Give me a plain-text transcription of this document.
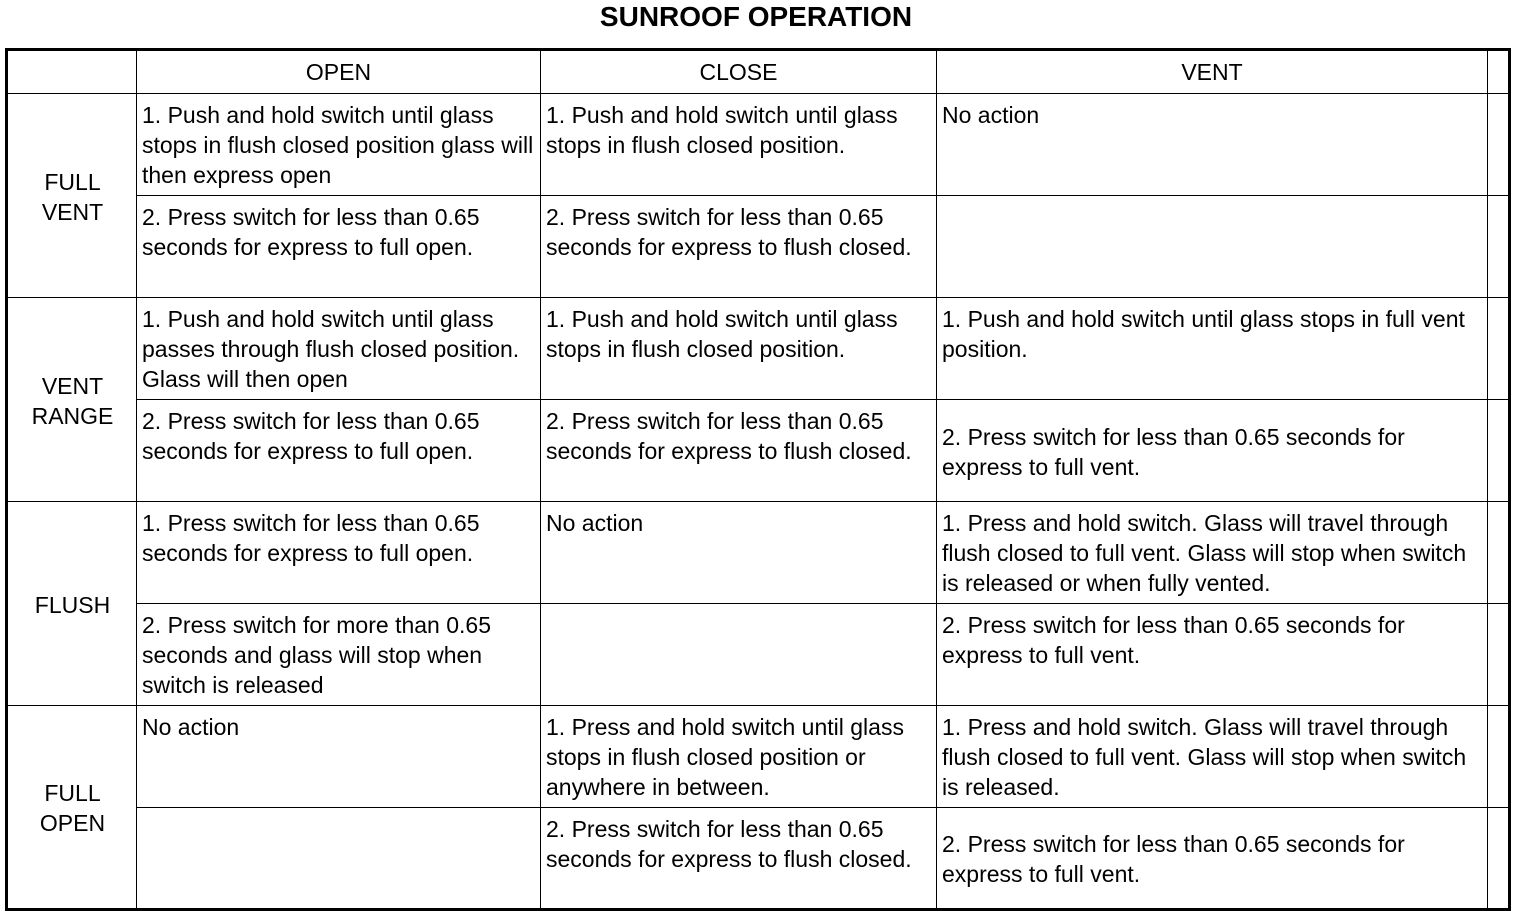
SUNROOF OPERATION
	OPEN	CLOSE	VENT	
FULL
VENT	1. Push and hold switch until glass stops in flush closed position glass will then express open	1. Push and hold switch until glass stops in flush closed position.	No action	
	2. Press switch for less than 0.65 seconds for express to full open.	2. Press switch for less than 0.65 seconds for express to flush closed.		
VENT
RANGE	1. Push and hold switch until glass passes through flush closed position. Glass will then open	1. Push and hold switch until glass stops in flush closed position.	1. Push and hold switch until glass stops in full vent position.	
	2. Press switch for less than 0.65 seconds for express to full open.	2. Press switch for less than 0.65 seconds for express to flush closed.	2. Press switch for less than 0.65 seconds for express to full vent.	
FLUSH	1. Press switch for less than 0.65 seconds for express to full open.	No action	1. Press and hold switch. Glass will travel through flush closed to full vent. Glass will stop when switch is released or when fully vented.	
	2. Press switch for more than 0.65 seconds and glass will stop when switch is released		2. Press switch for less than 0.65 seconds for express to full vent.	
FULL
OPEN	No action	1. Press and hold switch until glass stops in flush closed position or anywhere in between.	1. Press and hold switch. Glass will travel through flush closed to full vent. Glass will stop when switch is released.	
		2. Press switch for less than 0.65 seconds for express to flush closed.	2. Press switch for less than 0.65 seconds for express to full vent.	
